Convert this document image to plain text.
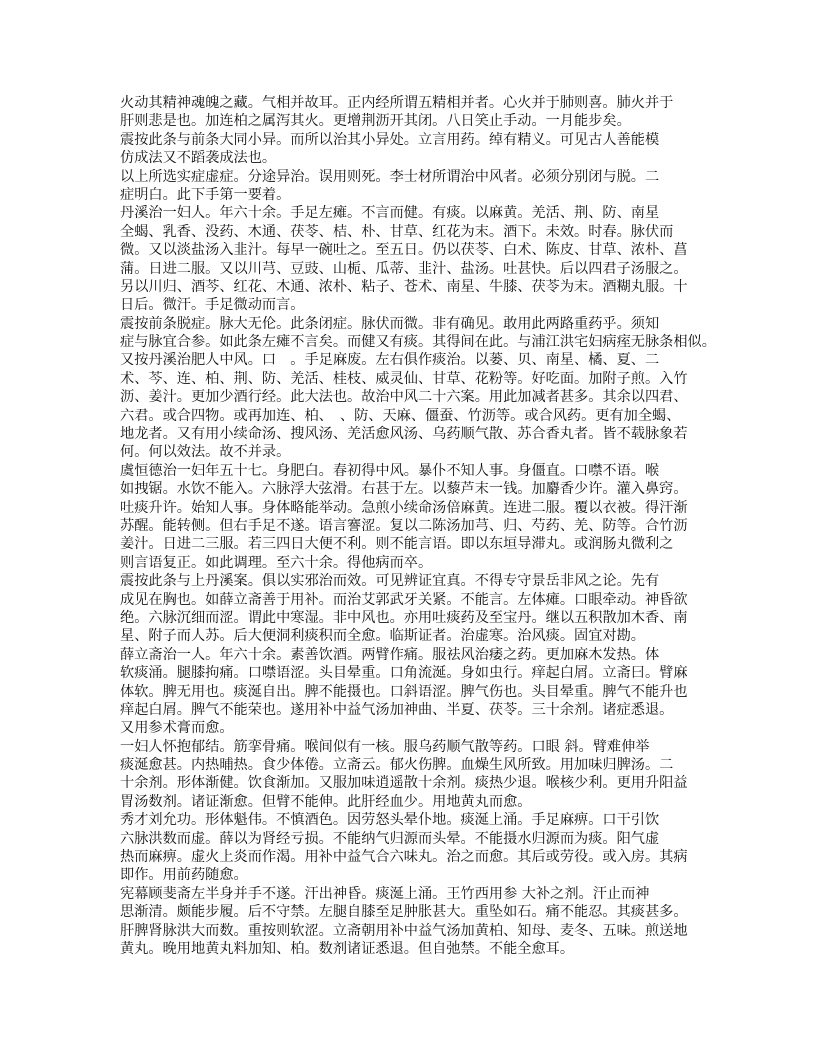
火动其精神魂魄之藏。气相并故耳。正内经所谓五精相并者。心火并于肺则喜。肺火并于
肝则悲是也。加连柏之属泻其火。更增荆沥开其闭。八日笑止手动。一月能步矣。
震按此条与前条大同小异。而所以治其小异处。立言用药。绰有精义。可见古人善能模
仿成法又不蹈袭成法也。
以上所选实症虚症。分途异治。误用则死。李士材所谓治中风者。必须分别闭与脱。二
症明白。此下手第一要着。
丹溪治一妇人。年六十余。手足左瘫。不言而健。有痰。以麻黄。羌活、荆、防、南星
全蝎、乳香、没药、木通、茯苓、桔、朴、甘草、红花为末。酒下。未效。时春。脉伏而
微。又以淡盐汤入韭汁。每早一碗吐之。至五日。仍以茯苓、白术、陈皮、甘草、浓朴、菖
蒲。日进二服。又以川芎、豆豉、山栀、瓜蒂、韭汁、盐汤。吐甚快。后以四君子汤服之。
另以川归、酒芩、红花、木通、浓朴、粘子、苍术、南星、牛膝、茯苓为末。酒糊丸服。十
日后。微汗。手足微动而言。
震按前条脱症。脉大无伦。此条闭症。脉伏而微。非有确见。敢用此两路重药乎。须知
症与脉宜合参。如此条左瘫不言矣。而健又有痰。其得间在此。与浦江洪宅妇病痓无脉条相似。
又按丹溪治肥人中风。口　。手足麻废。左右俱作痰治。以蒌、贝、南星、橘、夏、二
术、芩、连、柏、荆、防、羌活、桂枝、威灵仙、甘草、花粉等。好吃面。加附子煎。入竹
沥、姜汁。更加少酒行经。此大法也。故治中风二十六案。用此加减者甚多。其余以四君、
六君。或合四物。或再加连、柏、　、防、天麻、僵蚕、竹沥等。或合风药。更有加全蝎、
地龙者。又有用小续命汤、搜风汤、羌活愈风汤、乌药顺气散、苏合香丸者。皆不载脉象若
何。何以效法。故不并录。
虞恒德治一妇年五十七。身肥白。春初得中风。暴仆不知人事。身僵直。口噤不语。喉
如拽锯。水饮不能入。六脉浮大弦滑。右甚于左。以藜芦末一钱。加麝香少许。灌入鼻窍。
吐痰升许。始知人事。身体略能举动。急煎小续命汤倍麻黄。连进二服。覆以衣被。得汗渐
苏醒。能转侧。但右手足不遂。语言謇涩。复以二陈汤加芎、归、芍药、羌、防等。合竹沥
姜汁。日进二三服。若三四日大便不利。则不能言语。即以东垣导滞丸。或润肠丸微利之
则言语复正。如此调理。至六十余。得他病而卒。
震按此条与上丹溪案。俱以实邪治而效。可见辨证宜真。不得专守景岳非风之论。先有
成见在胸也。如薛立斋善于用补。而治艾郭武牙关紧。不能言。左体瘫。口眼牵动。神昏欲
绝。六脉沉细而涩。谓此中寒湿。非中风也。亦用吐痰药及至宝丹。继以五积散加木香、南
星、附子而人苏。后大便洞利痰积而全愈。临斯证者。治虚寒。治风痰。固宜对勘。
薛立斋治一人。年六十余。素善饮酒。两臂作痛。服祛风治痿之药。更加麻木发热。体
软痰涌。腿膝拘痛。口噤语涩。头目晕重。口角流涎。身如虫行。痒起白屑。立斋曰。臂麻
体软。脾无用也。痰涎自出。脾不能摄也。口斜语涩。脾气伤也。头目晕重。脾气不能升也
痒起白屑。脾气不能荣也。遂用补中益气汤加神曲、半夏、茯苓。三十余剂。诸症悉退。
又用参术膏而愈。
一妇人怀抱郁结。筋挛骨痛。喉间似有一核。服乌药顺气散等药。口眼 斜。臂难伸举
痰涎愈甚。内热晡热。食少体倦。立斋云。郁火伤脾。血燥生风所致。用加味归脾汤。二
十余剂。形体渐健。饮食渐加。又服加味逍遥散十余剂。痰热少退。喉核少利。更用升阳益
胃汤数剂。诸证渐愈。但臂不能伸。此肝经血少。用地黄丸而愈。
秀才刘允功。形体魁伟。不慎酒色。因劳怒头晕仆地。痰涎上涌。手足麻痹。口干引饮
六脉洪数而虚。薛以为肾经亏损。不能纳气归源而头晕。不能摄水归源而为痰。阳气虚
热而麻痹。虚火上炎而作渴。用补中益气合六味丸。治之而愈。其后或劳役。或入房。其病
即作。用前药随愈。
宪幕顾斐斋左半身并手不遂。汗出神昏。痰涎上涌。王竹西用参 大补之剂。汗止而神
思渐清。颇能步履。后不守禁。左腿自膝至足肿胀甚大。重坠如石。痛不能忍。其痰甚多。
肝脾肾脉洪大而数。重按则软涩。立斋朝用补中益气汤加黄柏、知母、麦冬、五味。煎送地
黄丸。晚用地黄丸料加知、柏。数剂诸证悉退。但自弛禁。不能全愈耳。
